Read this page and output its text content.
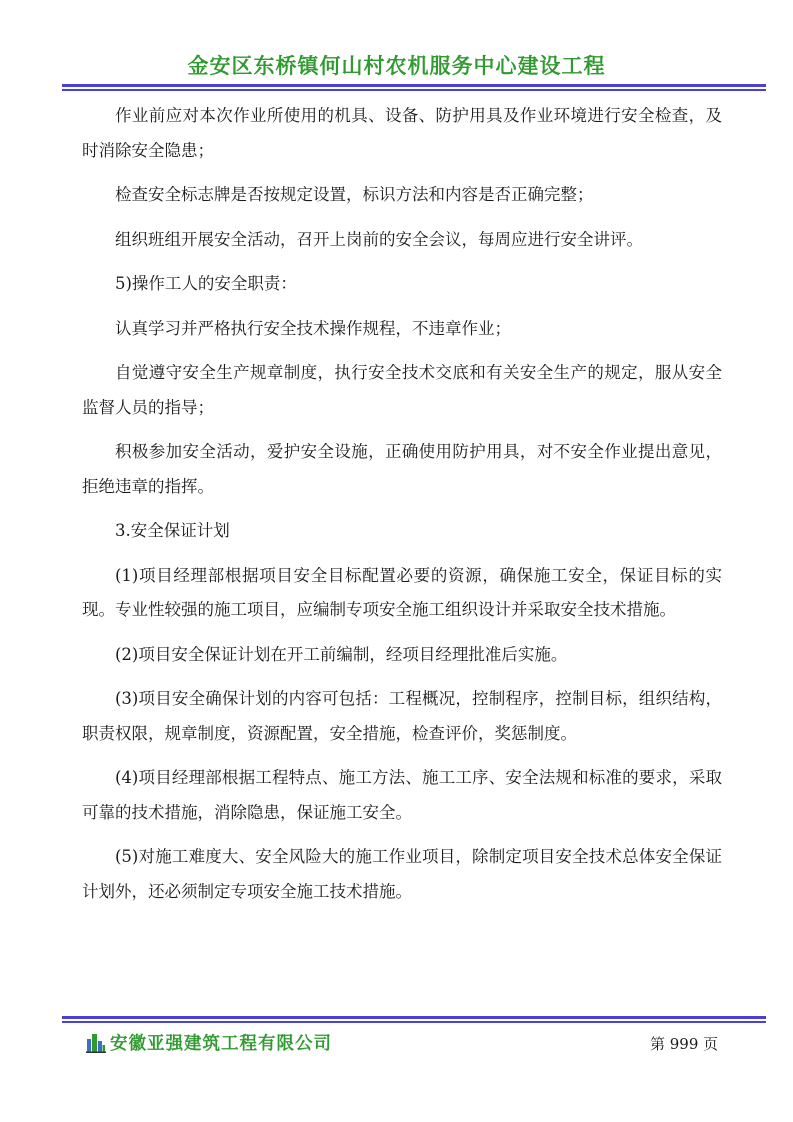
金安区东桥镇何山村农机服务中心建设工程

作业前应对本次作业所使用的机具、设备、防护用具及作业环境进行安全检查，及时消除安全隐患；

检查安全标志牌是否按规定设置，标识方法和内容是否正确完整；

组织班组开展安全活动，召开上岗前的安全会议，每周应进行安全讲评。

5)操作工人的安全职责：

认真学习并严格执行安全技术操作规程，不违章作业；

自觉遵守安全生产规章制度，执行安全技术交底和有关安全生产的规定，服从安全监督人员的指导；

积极参加安全活动，爱护安全设施，正确使用防护用具，对不安全作业提出意见，拒绝违章的指挥。

3.安全保证计划

(1)项目经理部根据项目安全目标配置必要的资源，确保施工安全，保证目标的实现。专业性较强的施工项目，应编制专项安全施工组织设计并采取安全技术措施。

(2)项目安全保证计划在开工前编制，经项目经理批准后实施。

(3)项目安全确保计划的内容可包括：工程概况，控制程序，控制目标，组织结构，职责权限，规章制度，资源配置，安全措施，检查评价，奖惩制度。

(4)项目经理部根据工程特点、施工方法、施工工序、安全法规和标准的要求，采取可靠的技术措施，消除隐患，保证施工安全。

(5)对施工难度大、安全风险大的施工作业项目，除制定项目安全技术总体安全保证计划外，还必须制定专项安全施工技术措施。

安徽亚强建筑工程有限公司	第 999 页
